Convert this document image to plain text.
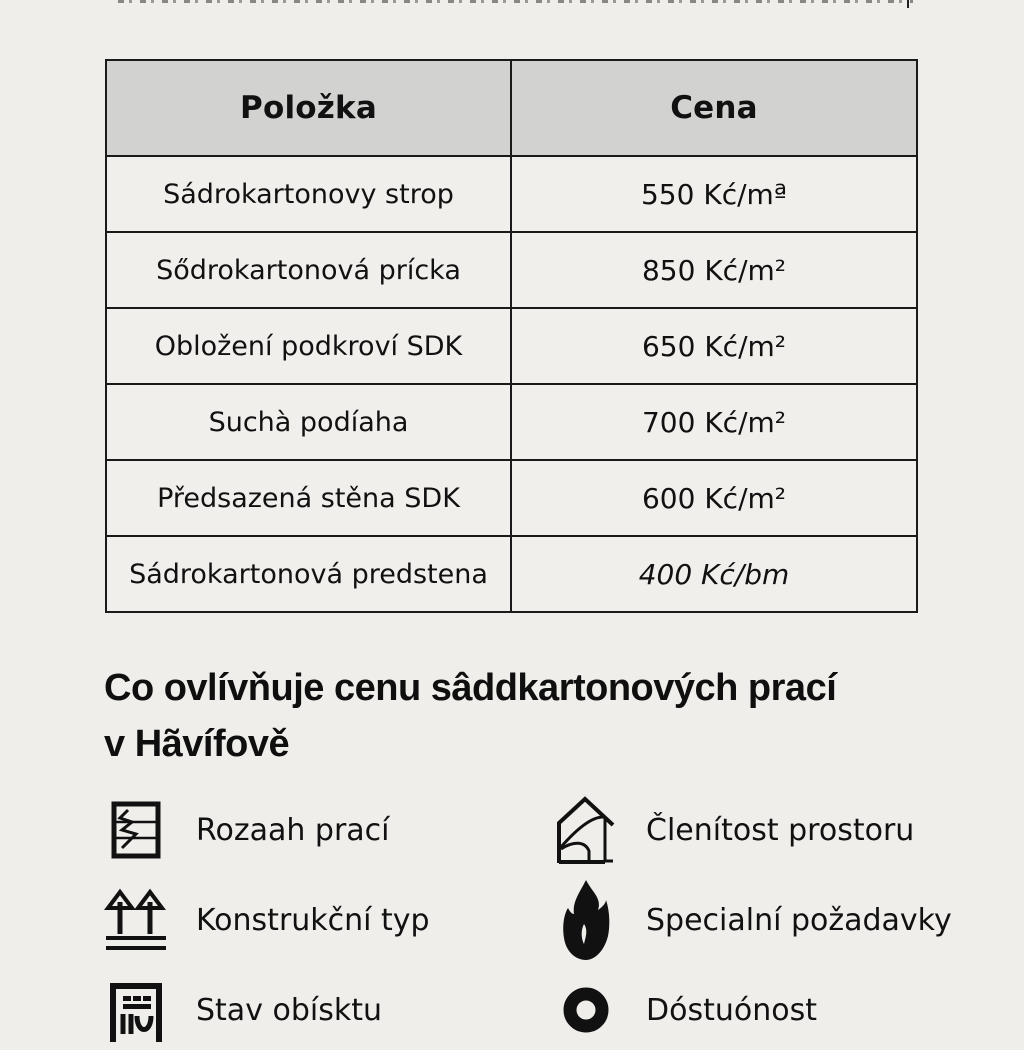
Položka	Cena
Sádrokartonovy strop	550 Kć/mª
Sődrokartonová prícka	850 Kć/m²
Obložení podkroví SDK	650 Kć/m²
Suchà podíaha	700 Kć/m²
Předsazená stěna SDK	600 Kć/m²
Sádrokartonová predstena	400 Kć/bm
Co ovlívňuje cenu sâddkartonových prací
v Hãvífově
Rozaah prací	Členítost prostoru
Konstrukční typ	Specialní požadavky
Stav obísktu	Dóstuónost
